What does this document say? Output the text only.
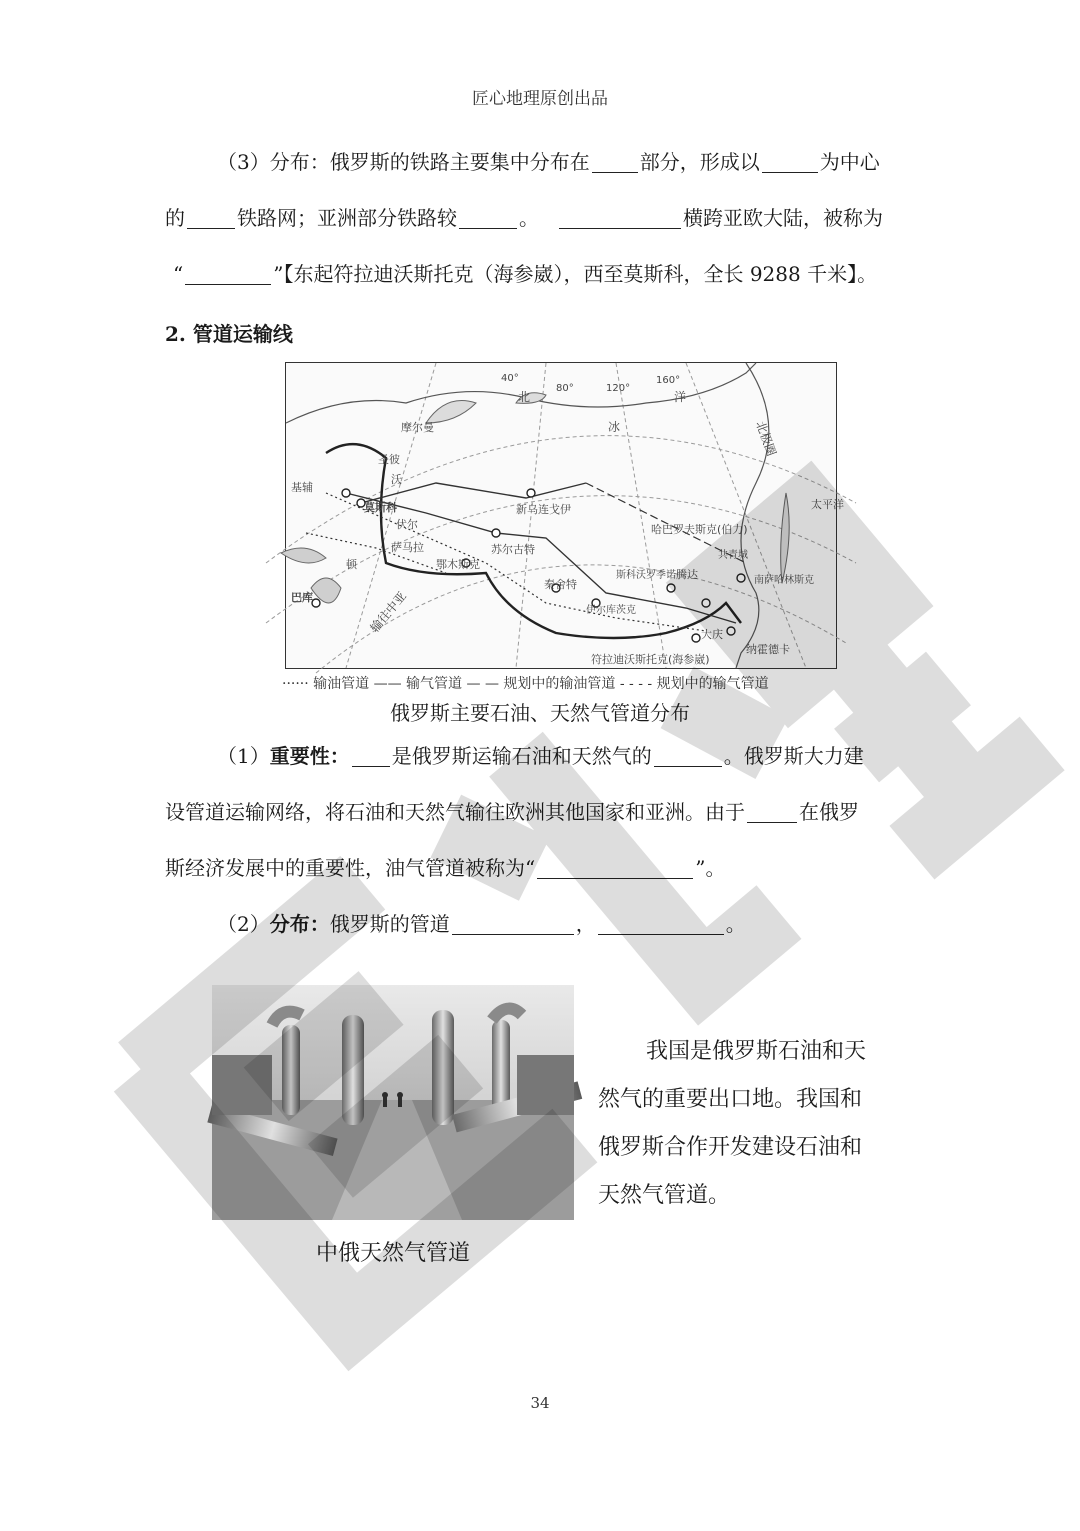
匠心地理原创出品
（3）分布：俄罗斯的铁路主要集中分布在	部分，形成以	为中心
的	铁路网；亚洲部分铁路较	。	横跨亚欧大陆，被称为
“	”【东起符拉迪沃斯托克（海参崴），西至莫斯科，全长 9288 千米】。
2. 管道运输线
北
冰
洋
北极圈
40°
80°	120°
160°
摩尔曼
圣彼
沃
莫斯科
伏尔
萨马拉
基辅
顿
巴库	输往中亚
鄂木斯克
苏尔古特
新乌连戈伊
秦舍特
伊尔库茨克
斯科沃罗季诺 腾达
哈巴罗夫斯克(伯力)
共青城
南萨哈林斯克
大庆
符拉迪沃斯托克(海参崴)
纳霍德卡
太平洋
······ 输油管道 —— 输气管道 — — 规划中的输油管道 - - - - 规划中的输气管道
俄罗斯主要石油、天然气管道分布
（1）重要性： 是俄罗斯运输石油和天然气的	。俄罗斯大力建
设管道运输网络，将石油和天然气输往欧洲其他国家和亚洲。由于	在俄罗
斯经济发展中的重要性，油气管道被称为“	”。
（2）分布：俄罗斯的管道	，	。
中俄天然气管道
我国是俄罗斯石油和天
然气的重要出口地。我国和
俄罗斯合作开发建设石油和
天然气管道。
34
